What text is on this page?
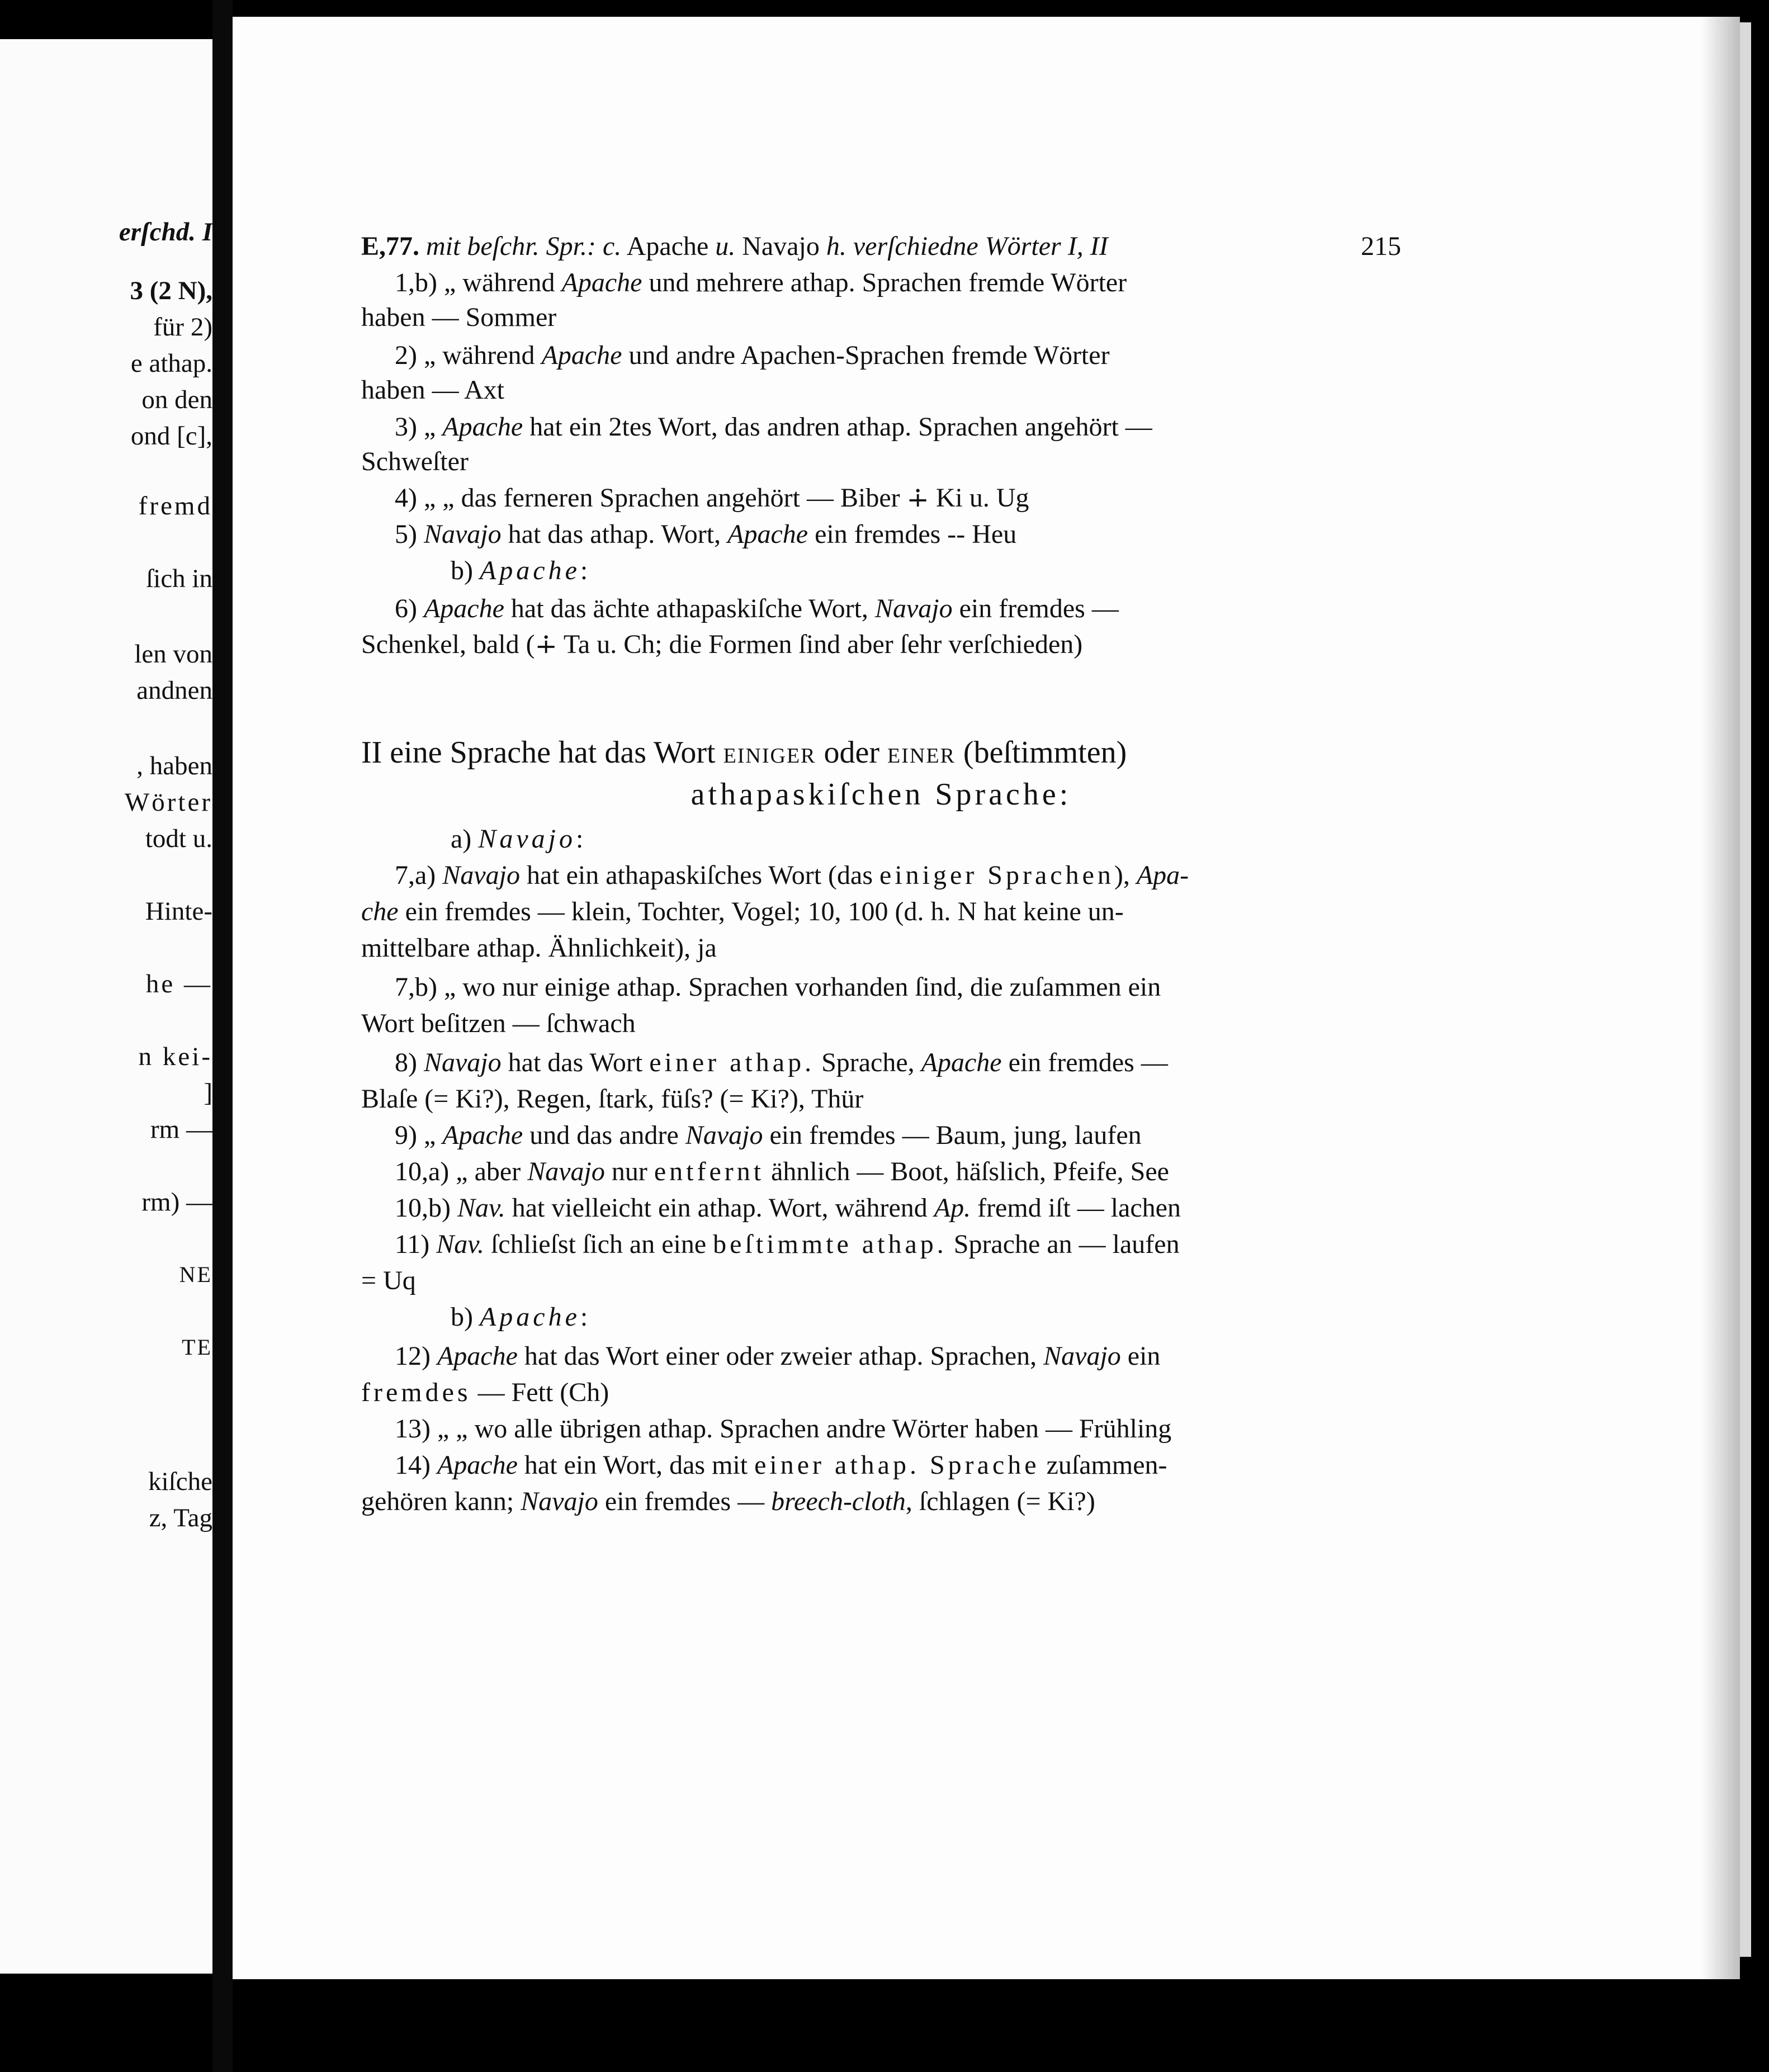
erſchd. I
3 (2 N),
für 2)
e athap.
on den
ond [c],
fremd
ſich in
len von
andnen
, haben
Wörter
todt u.
Hinte-
he —
n kei-
]
rm —
rm) —
NE
TE
kiſche
z, Tag
E,77. mit beſchr. Spr.: c. Apache u. Navajo h. verſchiedne Wörter I, II	215
1,b) „ während Apache und mehrere athap. Sprachen fremde Wörter
haben — Sommer
2) „ während Apache und andre Apachen-Sprachen fremde Wörter
haben — Axt
3) „ Apache hat ein 2tes Wort, das andren athap. Sprachen angehört —
Schweſter
4) „ „ das ferneren Sprachen angehört — Biber ∔ Ki u. Ug
5) Navajo hat das athap. Wort, Apache ein fremdes -- Heu
b) Apache:
6) Apache hat das ächte athapaskiſche Wort, Navajo ein fremdes —
Schenkel, bald (∔ Ta u. Ch; die Formen ſind aber ſehr verſchieden)
II eine Sprache hat das Wort EINIGER oder EINER (beſtimmten)
athapaskiſchen Sprache:
a) Navajo:
7,a) Navajo hat ein athapaskiſches Wort (das einiger Sprachen), Apa-
che ein fremdes — klein, Tochter, Vogel; 10, 100 (d. h. N hat keine un-
mittelbare athap. Ähnlichkeit), ja
7,b) „ wo nur einige athap. Sprachen vorhanden ſind, die zuſammen ein
Wort beſitzen — ſchwach
8) Navajo hat das Wort einer athap. Sprache, Apache ein fremdes —
Blaſe (= Ki?), Regen, ſtark, füſs? (= Ki?), Thür
9) „ Apache und das andre Navajo ein fremdes — Baum, jung, laufen
10,a) „ aber Navajo nur entfernt ähnlich — Boot, häſslich, Pfeife, See
10,b) Nav. hat vielleicht ein athap. Wort, während Ap. fremd iſt — lachen
11) Nav. ſchlieſst ſich an eine beſtimmte athap. Sprache an — laufen
= Uq
b) Apache:
12) Apache hat das Wort einer oder zweier athap. Sprachen, Navajo ein
fremdes — Fett (Ch)
13) „ „ wo alle übrigen athap. Sprachen andre Wörter haben — Frühling
14) Apache hat ein Wort, das mit einer athap. Sprache zuſammen-
gehören kann; Navajo ein fremdes — breech-cloth, ſchlagen (= Ki?)
